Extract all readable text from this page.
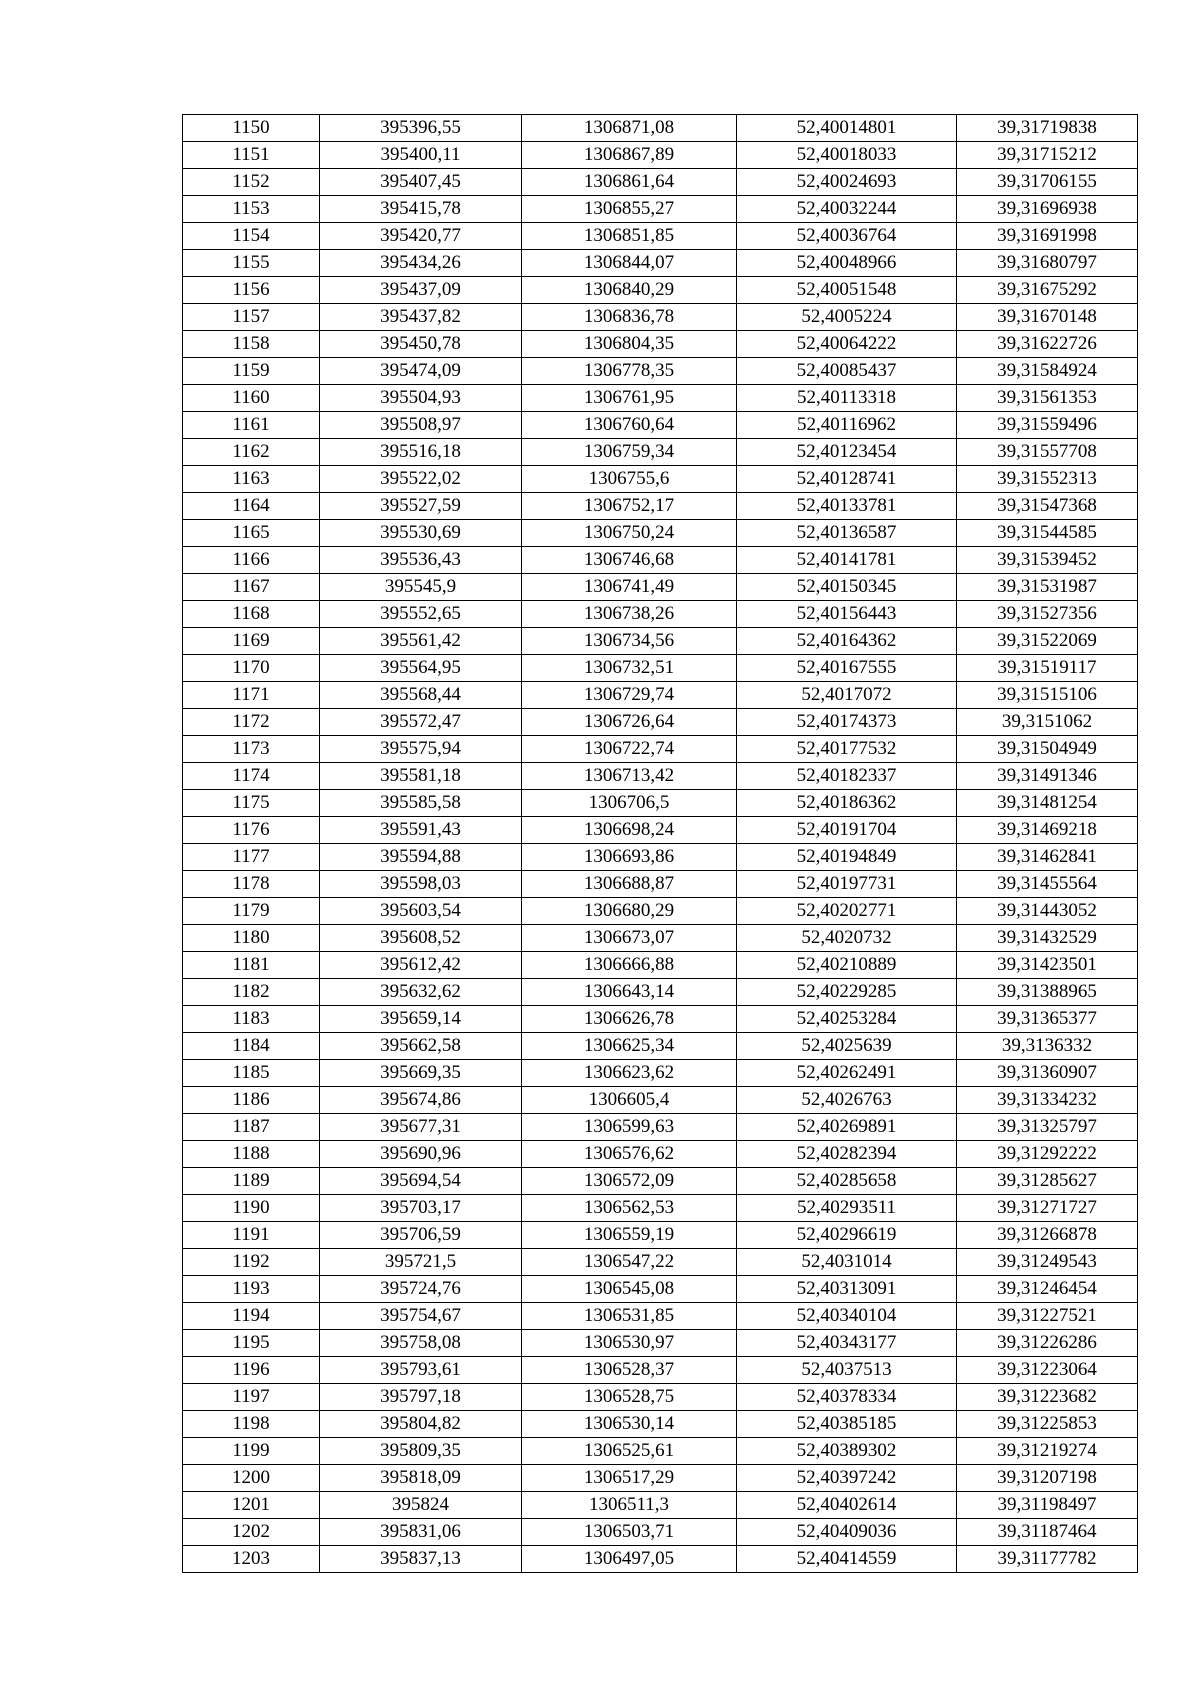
1150	395396,55	1306871,08	52,40014801	39,31719838
1151	395400,11	1306867,89	52,40018033	39,31715212
1152	395407,45	1306861,64	52,40024693	39,31706155
1153	395415,78	1306855,27	52,40032244	39,31696938
1154	395420,77	1306851,85	52,40036764	39,31691998
1155	395434,26	1306844,07	52,40048966	39,31680797
1156	395437,09	1306840,29	52,40051548	39,31675292
1157	395437,82	1306836,78	52,4005224	39,31670148
1158	395450,78	1306804,35	52,40064222	39,31622726
1159	395474,09	1306778,35	52,40085437	39,31584924
1160	395504,93	1306761,95	52,40113318	39,31561353
1161	395508,97	1306760,64	52,40116962	39,31559496
1162	395516,18	1306759,34	52,40123454	39,31557708
1163	395522,02	1306755,6	52,40128741	39,31552313
1164	395527,59	1306752,17	52,40133781	39,31547368
1165	395530,69	1306750,24	52,40136587	39,31544585
1166	395536,43	1306746,68	52,40141781	39,31539452
1167	395545,9	1306741,49	52,40150345	39,31531987
1168	395552,65	1306738,26	52,40156443	39,31527356
1169	395561,42	1306734,56	52,40164362	39,31522069
1170	395564,95	1306732,51	52,40167555	39,31519117
1171	395568,44	1306729,74	52,4017072	39,31515106
1172	395572,47	1306726,64	52,40174373	39,3151062
1173	395575,94	1306722,74	52,40177532	39,31504949
1174	395581,18	1306713,42	52,40182337	39,31491346
1175	395585,58	1306706,5	52,40186362	39,31481254
1176	395591,43	1306698,24	52,40191704	39,31469218
1177	395594,88	1306693,86	52,40194849	39,31462841
1178	395598,03	1306688,87	52,40197731	39,31455564
1179	395603,54	1306680,29	52,40202771	39,31443052
1180	395608,52	1306673,07	52,4020732	39,31432529
1181	395612,42	1306666,88	52,40210889	39,31423501
1182	395632,62	1306643,14	52,40229285	39,31388965
1183	395659,14	1306626,78	52,40253284	39,31365377
1184	395662,58	1306625,34	52,4025639	39,3136332
1185	395669,35	1306623,62	52,40262491	39,31360907
1186	395674,86	1306605,4	52,4026763	39,31334232
1187	395677,31	1306599,63	52,40269891	39,31325797
1188	395690,96	1306576,62	52,40282394	39,31292222
1189	395694,54	1306572,09	52,40285658	39,31285627
1190	395703,17	1306562,53	52,40293511	39,31271727
1191	395706,59	1306559,19	52,40296619	39,31266878
1192	395721,5	1306547,22	52,4031014	39,31249543
1193	395724,76	1306545,08	52,40313091	39,31246454
1194	395754,67	1306531,85	52,40340104	39,31227521
1195	395758,08	1306530,97	52,40343177	39,31226286
1196	395793,61	1306528,37	52,4037513	39,31223064
1197	395797,18	1306528,75	52,40378334	39,31223682
1198	395804,82	1306530,14	52,40385185	39,31225853
1199	395809,35	1306525,61	52,40389302	39,31219274
1200	395818,09	1306517,29	52,40397242	39,31207198
1201	395824	1306511,3	52,40402614	39,31198497
1202	395831,06	1306503,71	52,40409036	39,31187464
1203	395837,13	1306497,05	52,40414559	39,31177782
